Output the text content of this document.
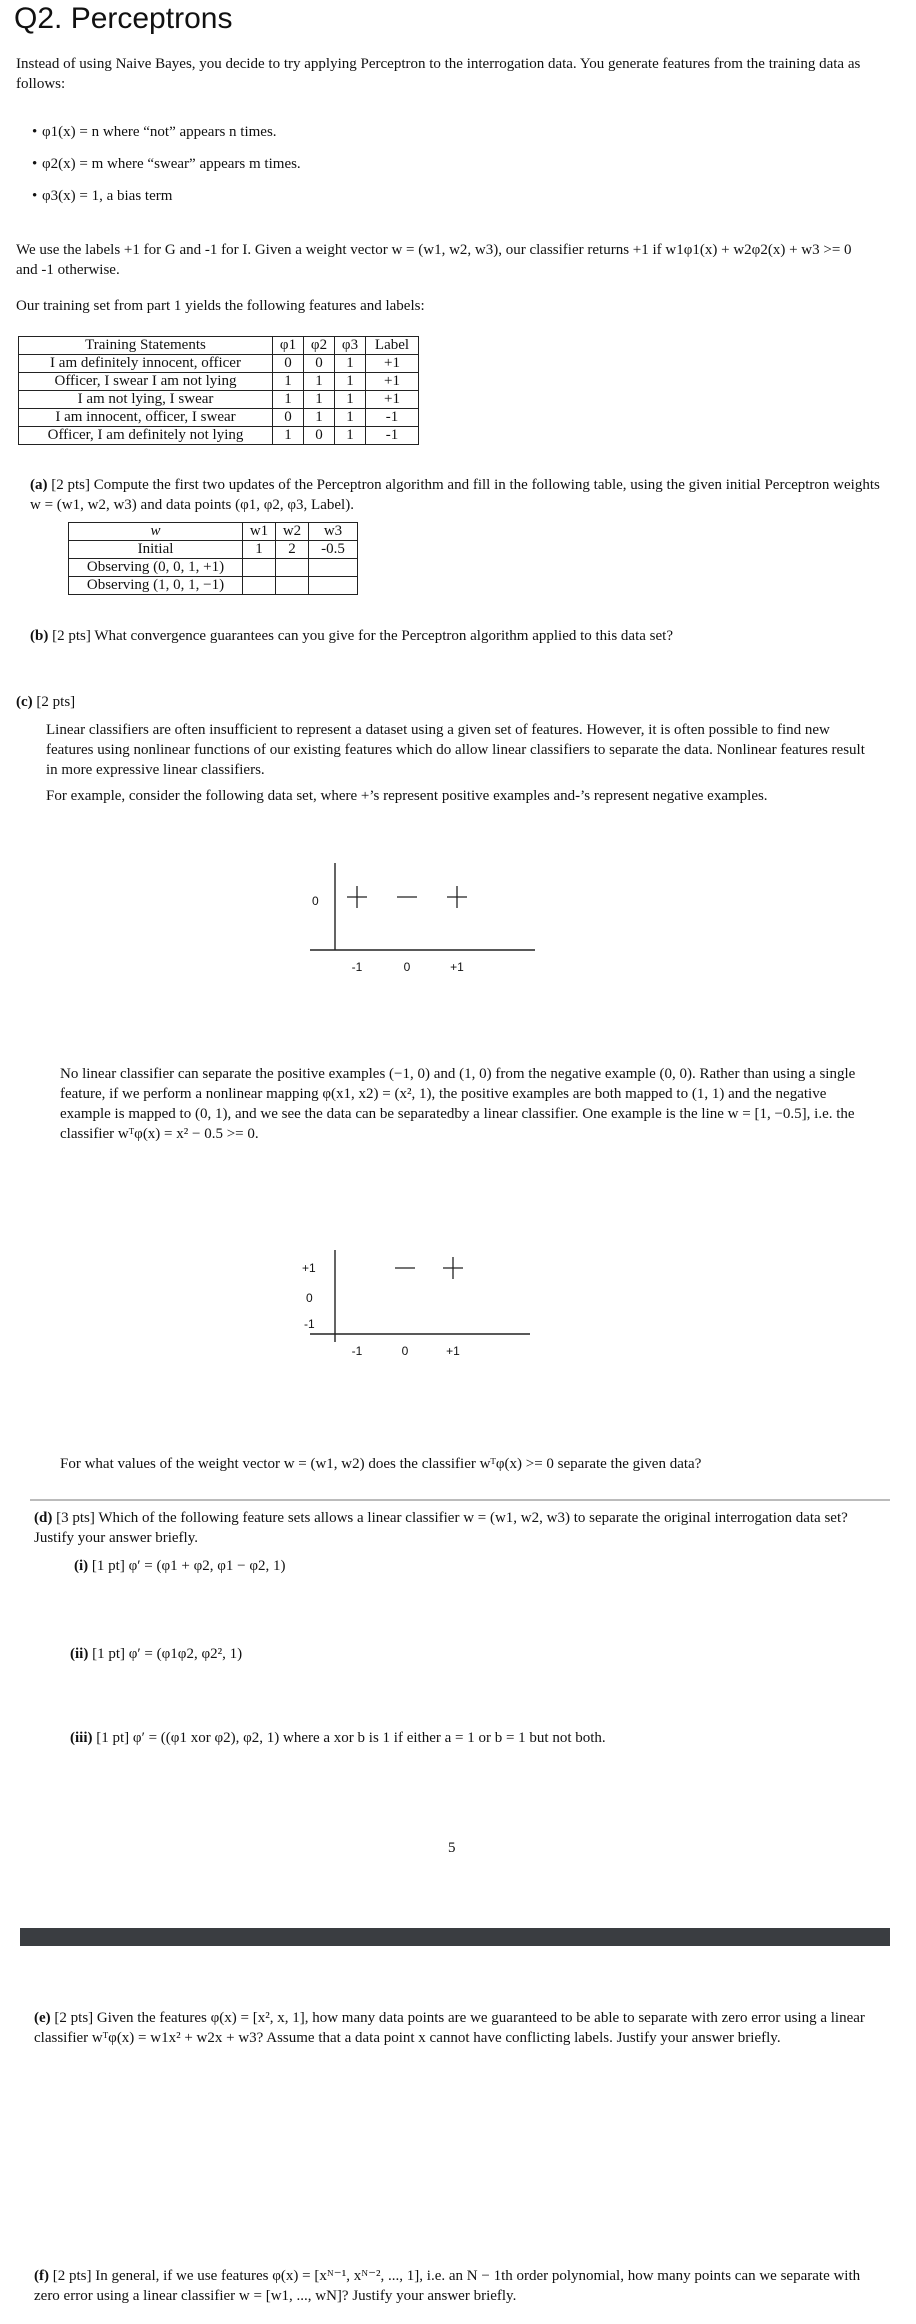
Q2. Perceptrons
Instead of using Naive Bayes, you decide to try applying Perceptron to the interrogation data. You generate features from the training data as follows:
• φ1(x) = n where “not” appears n times.
• φ2(x) = m where “swear” appears m times.
• φ3(x) = 1, a bias term
We use the labels +1 for G and -1 for I. Given a weight vector w = (w1, w2, w3), our classifier returns +1 if w1φ1(x) + w2φ2(x) + w3 >= 0 and -1 otherwise.
Our training set from part 1 yields the following features and labels:
Training Statements	φ1	φ2	φ3	Label
I am definitely innocent, officer	0	0	1	+1
Officer, I swear I am not lying	1	1	1	+1
I am not lying, I swear	1	1	1	+1
I am innocent, officer, I swear	0	1	1	-1
Officer, I am definitely not lying	1	0	1	-1
(a) [2 pts] Compute the first two updates of the Perceptron algorithm and fill in the following table, using the given initial Perceptron weights w = (w1, w2, w3) and data points (φ1, φ2, φ3, Label).
w	w1	w2	w3
Initial	1	2	-0.5
Observing (0, 0, 1, +1)			
Observing (1, 0, 1, −1)			
(b) [2 pts] What convergence guarantees can you give for the Perceptron algorithm applied to this data set?
(c) [2 pts]
Linear classifiers are often insufficient to represent a dataset using a given set of features. However, it is often possible to find new features using nonlinear functions of our existing features which do allow linear classifiers to separate the data. Nonlinear features result in more expressive linear classifiers.
For example, consider the following data set, where +’s represent positive examples and-’s represent negative examples.
0
-1	0	+1
No linear classifier can separate the positive examples (−1, 0) and (1, 0) from the negative example (0, 0). Rather than using a single feature, if we perform a nonlinear mapping φ(x1, x2) = (x², 1), the positive examples are both mapped to (1, 1) and the negative example is mapped to (0, 1), and we see the data can be separatedby a linear classifier. One example is the line w = [1, −0.5], i.e. the classifier wᵀφ(x) = x² − 0.5 >= 0.
+1
0
-1
-1	0	+1
For what values of the weight vector w = (w1, w2) does the classifier wᵀφ(x) >= 0 separate the given data?
(d) [3 pts] Which of the following feature sets allows a linear classifier w = (w1, w2, w3) to separate the original interrogation data set? Justify your answer briefly.
(i) [1 pt] φ′ = (φ1 + φ2, φ1 − φ2, 1)
(ii) [1 pt] φ′ = (φ1φ2, φ2², 1)
(iii) [1 pt] φ′ = ((φ1 xor φ2), φ2, 1) where a xor b is 1 if either a = 1 or b = 1 but not both.
5
(e) [2 pts] Given the features φ(x) = [x², x, 1], how many data points are we guaranteed to be able to separate with zero error using a linear classifier wᵀφ(x) = w1x² + w2x + w3? Assume that a data point x cannot have conflicting labels. Justify your answer briefly.
(f) [2 pts] In general, if we use features φ(x) = [xᴺ⁻¹, xᴺ⁻², ..., 1], i.e. an N − 1th order polynomial, how many points can we separate with zero error using a linear classifier w = [w1, ..., wN]? Justify your answer briefly.
